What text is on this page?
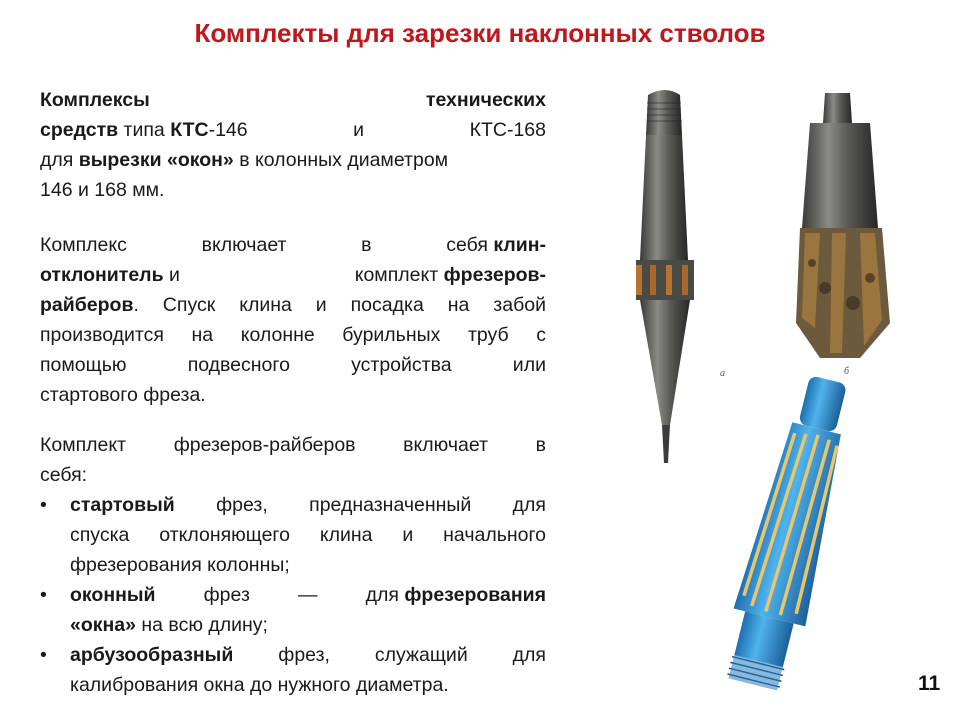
Комплекты для зарезки наклонных стволов
Комплексы	технических
средств типа КТС-146	и	КТС-168
для вырезки «окон» в колонных диаметром
146 и 168 мм.
Комплекс	включает	в	себя клин-
отклонитель и	комплект фрезеров-
райберов. Спуск клина и посадка на забой
производится на колонне бурильных труб с
помощью	подвесного	устройства	или
стартового фреза.
Комплект фрезеров-райберов включает в
себя:
• стартовый фрез, предназначенный для
спуска отклоняющего клина и начального
фрезерования колонны;
• оконный фрез — для фрезерования
«окна» на всю длину;
• арбузообразный фрез, служащий для
калибрования окна до нужного диаметра.
а	б
11
